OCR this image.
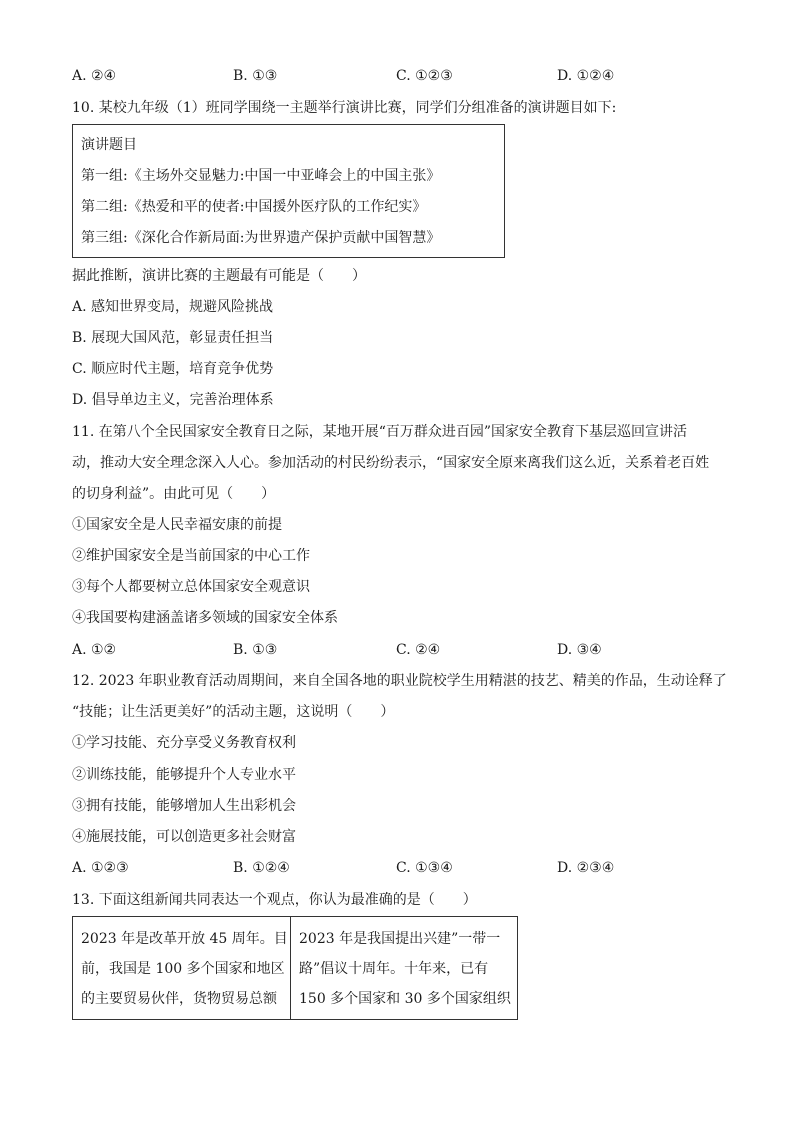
A. ②④	B. ①③	C. ①②③	D. ①②④
10. 某校九年级（1）班同学围绕一主题举行演讲比赛，同学们分组准备的演讲题目如下:
演讲题目
第一组:《主场外交显魅力:中国一中亚峰会上的中国主张》
第二组:《热爱和平的使者:中国援外医疗队的工作纪实》
第三组:《深化合作新局面:为世界遗产保护贡献中国智慧》
据此推断，演讲比赛的主题最有可能是（　　）
A. 感知世界变局，规避风险挑战
B. 展现大国风范，彰显责任担当
C. 顺应时代主题，培育竞争优势
D. 倡导单边主义，完善治理体系
11. 在第八个全民国家安全教育日之际，某地开展“百万群众进百园”国家安全教育下基层巡回宣讲活
动，推动大安全理念深入人心。参加活动的村民纷纷表示，“国家安全原来离我们这么近，关系着老百姓
的切身利益”。由此可见（　　）
①国家安全是人民幸福安康的前提
②维护国家安全是当前国家的中心工作
③每个人都要树立总体国家安全观意识
④我国要构建涵盖诸多领域的国家安全体系
A. ①②	B. ①③	C. ②④	D. ③④
12. 2023 年职业教育活动周期间，来自全国各地的职业院校学生用精湛的技艺、精美的作品，生动诠释了
“技能；让生活更美好”的活动主题，这说明（　　）
①学习技能、充分享受义务教育权利
②训练技能，能够提升个人专业水平
③拥有技能，能够增加人生出彩机会
④施展技能，可以创造更多社会财富
A. ①②③	B. ①②④	C. ①③④	D. ②③④
13. 下面这组新闻共同表达一个观点，你认为最准确的是（　　）
2023 年是改革开放 45 周年。目
前，我国是 100 多个国家和地区
的主要贸易伙伴，货物贸易总额
2023 年是我国提出兴建”一带一
路”倡议十周年。十年来，已有
150 多个国家和 30 多个国家组织
